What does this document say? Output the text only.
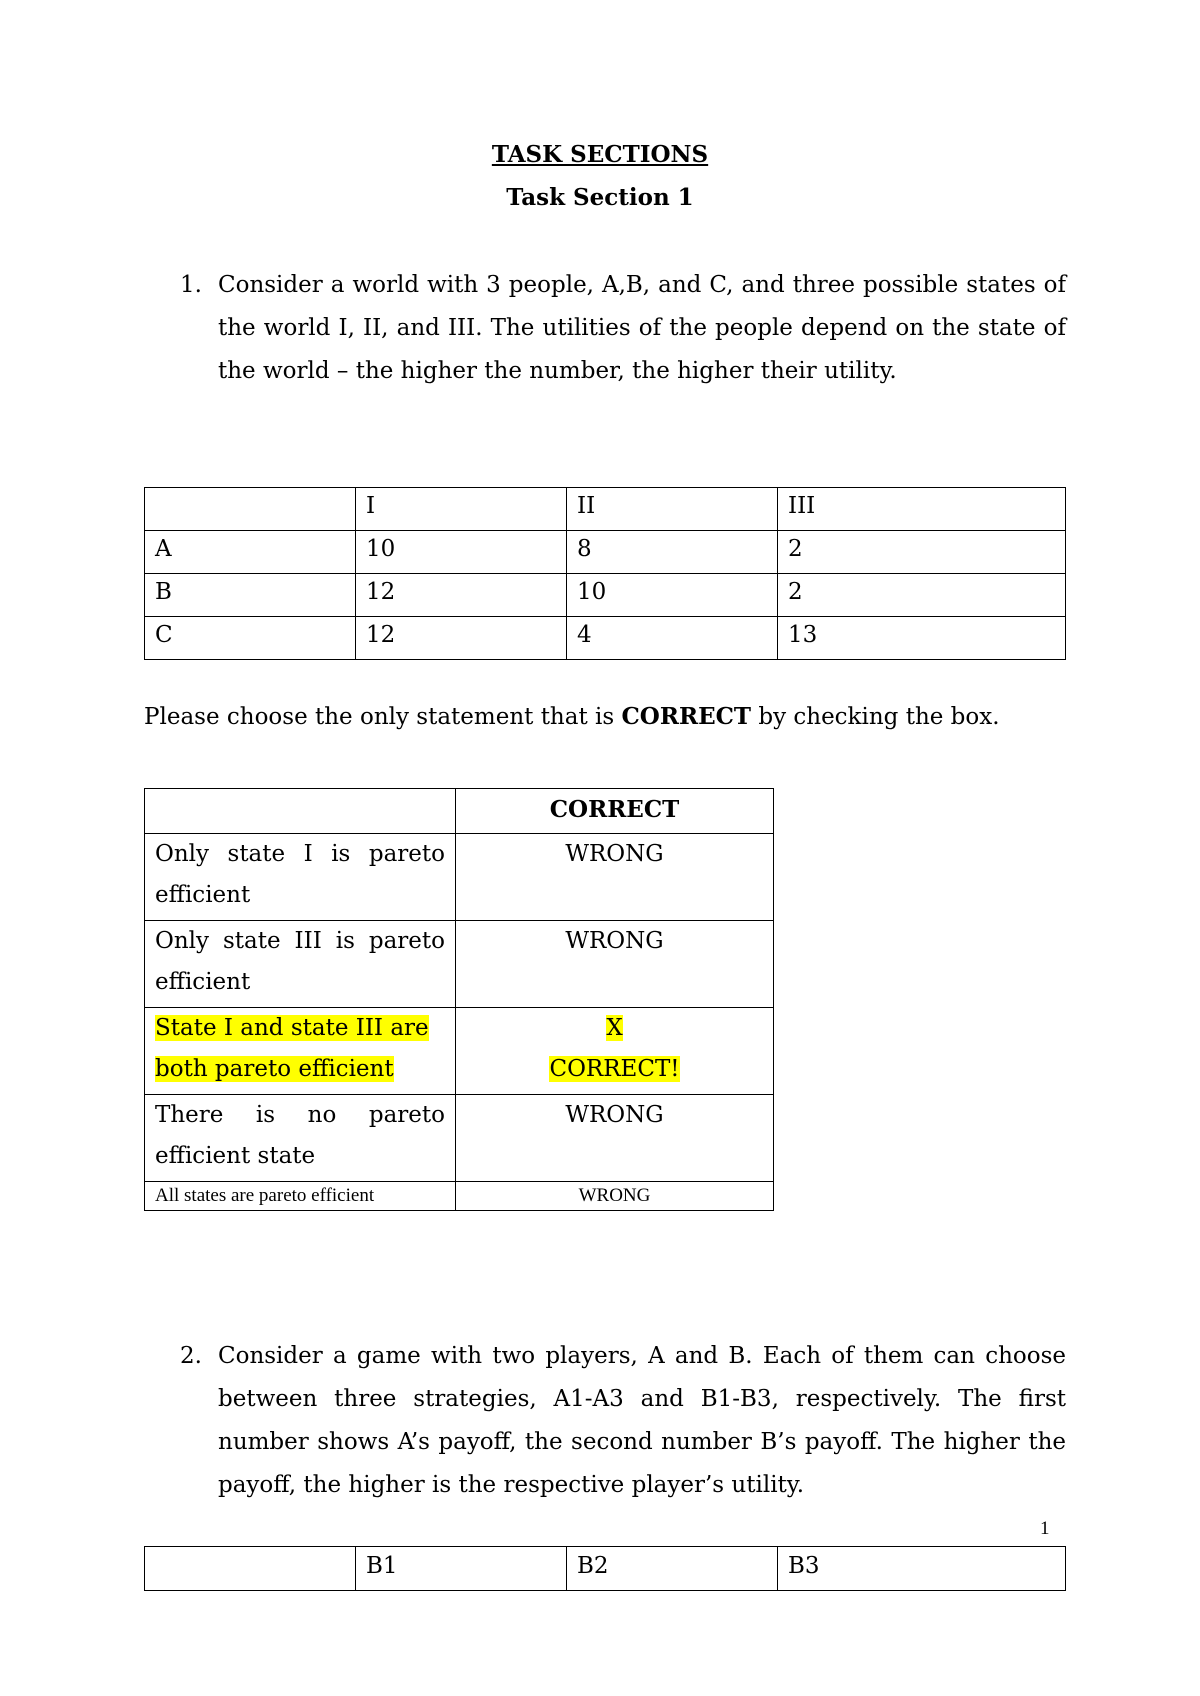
TASK SECTIONS
Task Section 1
1. Consider a world with 3 people, A,B, and C, and three possible states of the world I, II, and III. The utilities of the people depend on the state of the world – the higher the number, the higher their utility.
	I	II	III
A	10	8	2
B	12	10	2
C	12	4	13
Please choose the only statement that is CORRECT by checking the box.
	CORRECT
Only state I is pareto efficient	WRONG
Only state III is pareto efficient	WRONG
State I and state III are both pareto efficient	X
CORRECT!
There is no pareto efficient state	WRONG
All states are pareto efficient	WRONG
2. Consider a game with two players, A and B. Each of them can choose between three strategies, A1-A3 and B1-B3, respectively. The first number shows A’s payoff, the second number B’s payoff. The higher the payoff, the higher is the respective player’s utility.
1
	B1	B2	B3
